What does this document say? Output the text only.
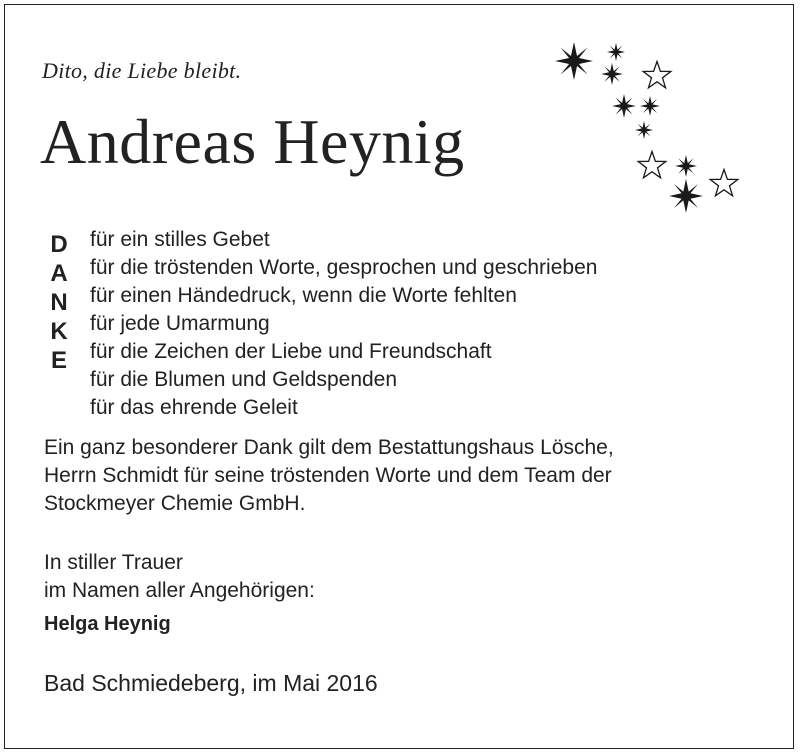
Dito, die Liebe bleibt.
Andreas Heynig
D
A
N
K
E
für ein stilles Gebet
für die tröstenden Worte, gesprochen und geschrieben
für einen Händedruck, wenn die Worte fehlten
für jede Umarmung
für die Zeichen der Liebe und Freundschaft
für die Blumen und Geldspenden
für das ehrende Geleit
Ein ganz besonderer Dank gilt dem Bestattungshaus Lösche,
Herrn Schmidt für seine tröstenden Worte und dem Team der
Stockmeyer Chemie GmbH.
In stiller Trauer
im Namen aller Angehörigen:
Helga Heynig
Bad Schmiedeberg, im Mai 2016
